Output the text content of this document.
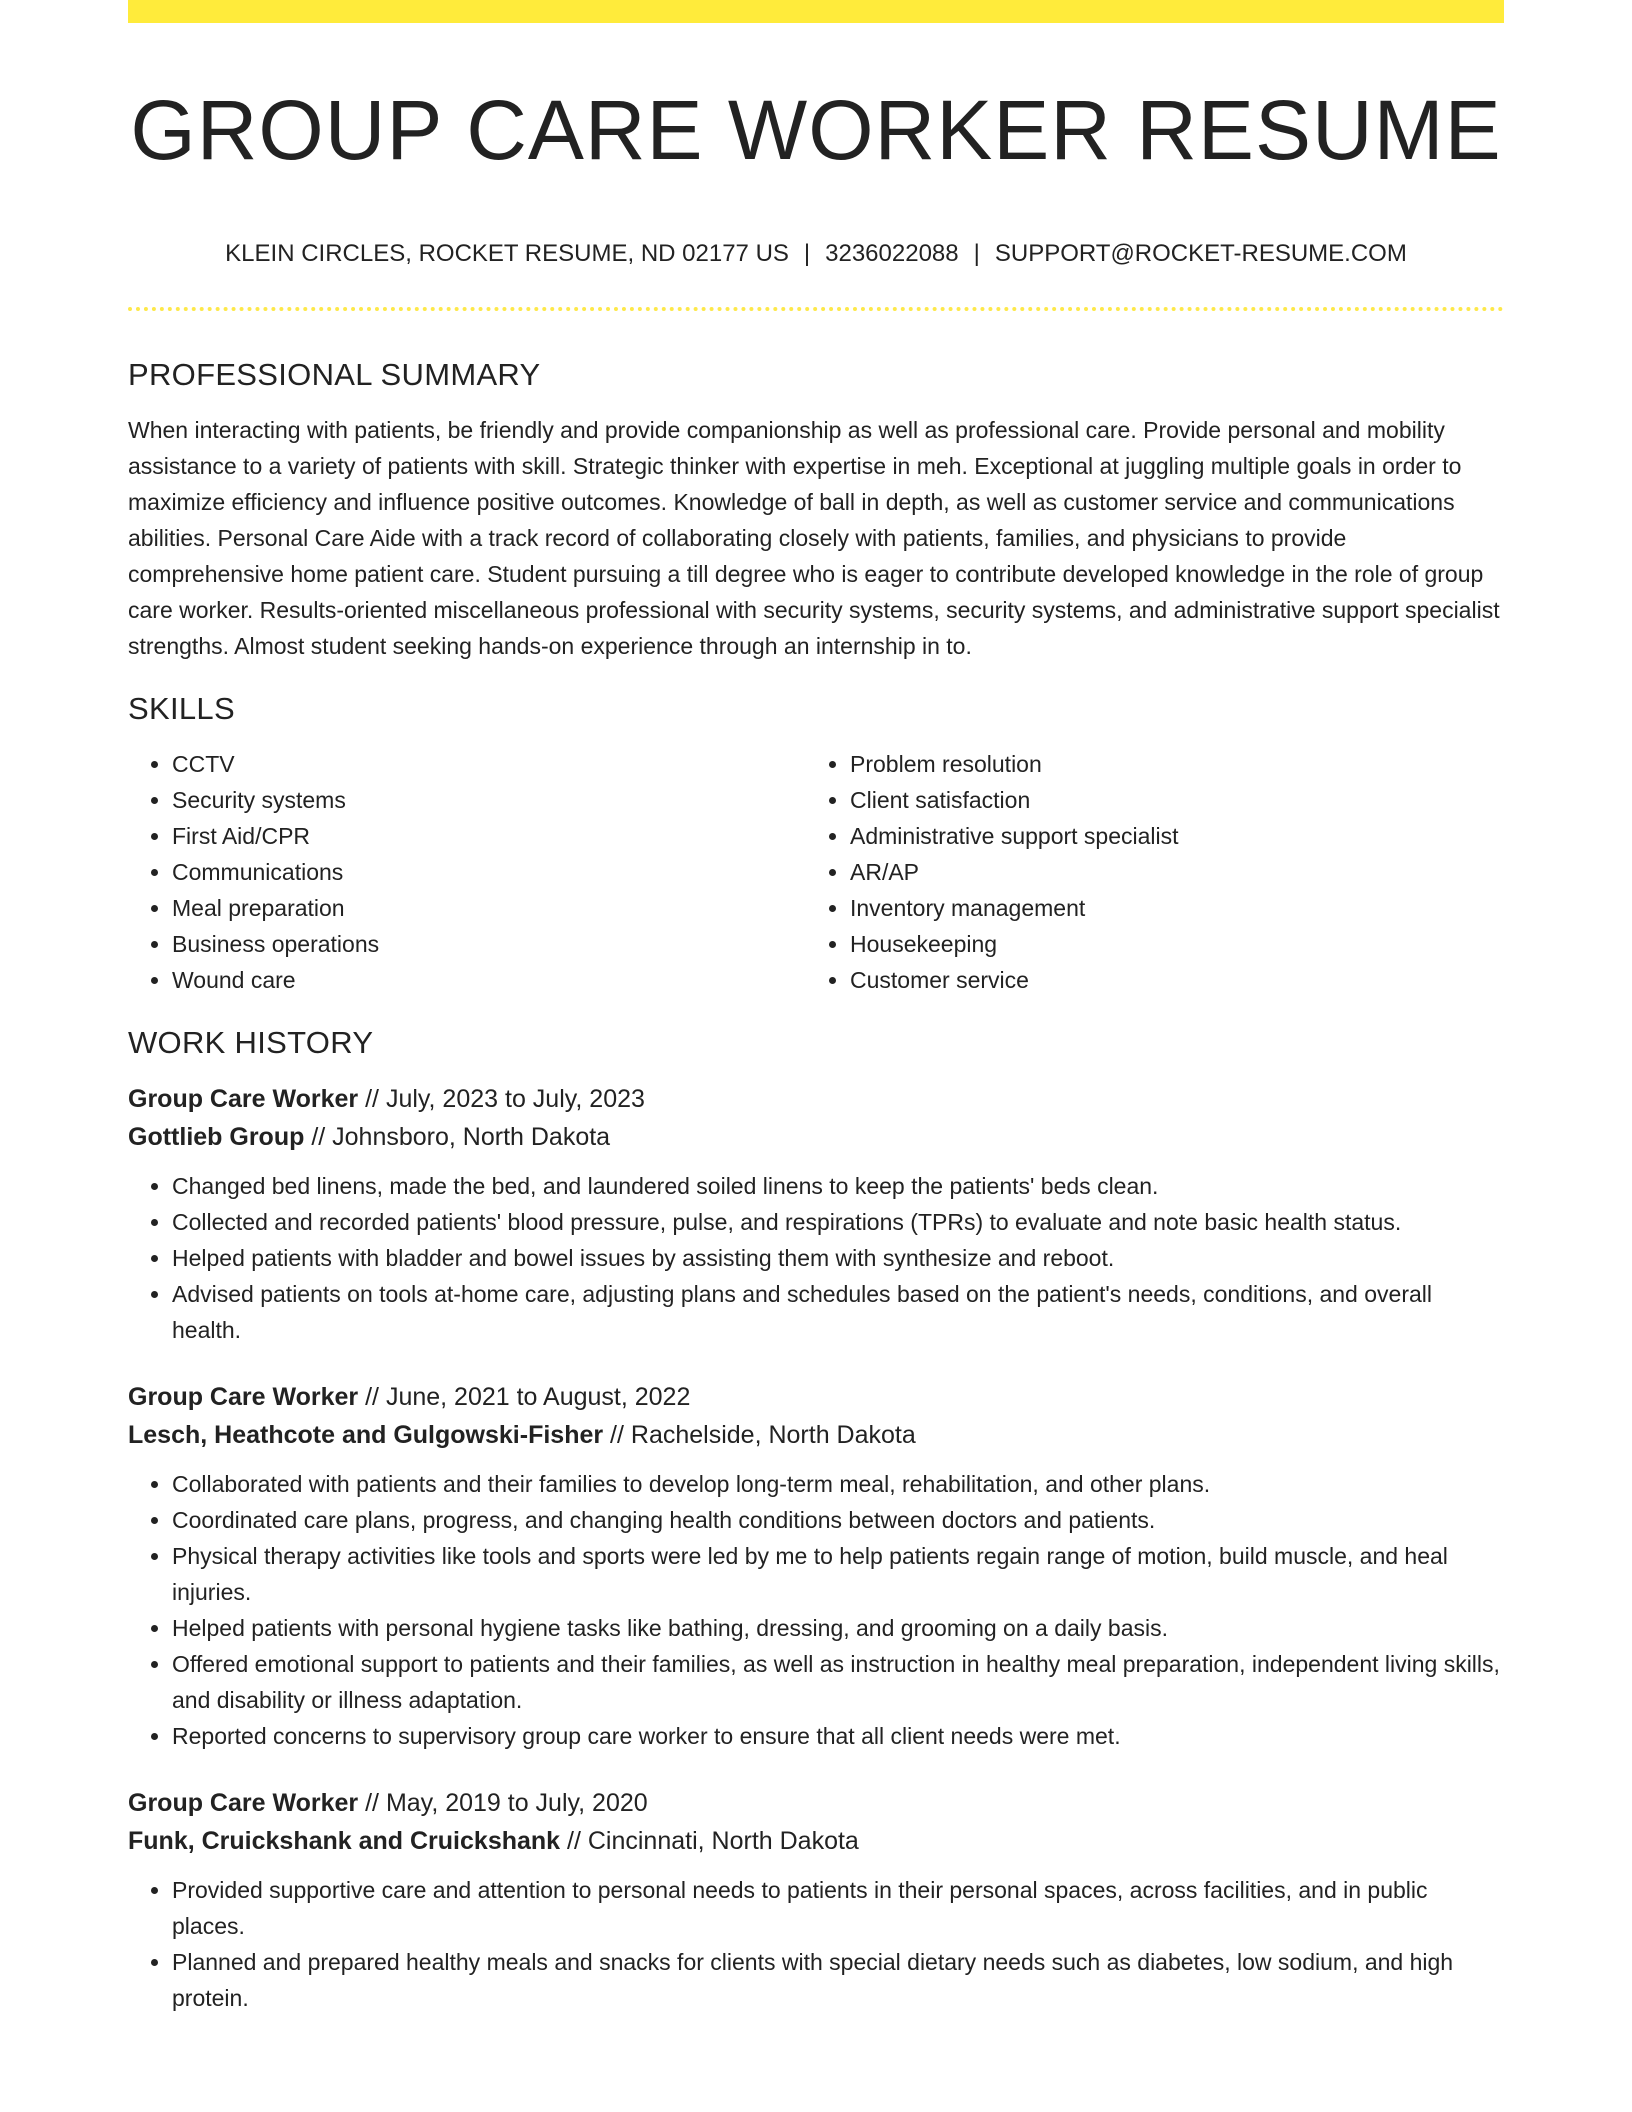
GROUP CARE WORKER RESUME
KLEIN CIRCLES, ROCKET RESUME, ND 02177 US | 3236022088 | SUPPORT@ROCKET-RESUME.COM
PROFESSIONAL SUMMARY

When interacting with patients, be friendly and provide companionship as well as professional care. Provide personal and mobility assistance to a variety of patients with skill. Strategic thinker with expertise in meh. Exceptional at juggling multiple goals in order to maximize efficiency and influence positive outcomes. Knowledge of ball in depth, as well as customer service and communications abilities. Personal Care Aide with a track record of collaborating closely with patients, families, and physicians to provide comprehensive home patient care. Student pursuing a till degree who is eager to contribute developed knowledge in the role of group care worker. Results-oriented miscellaneous professional with security systems, security systems, and administrative support specialist strengths. Almost student seeking hands-on experience through an internship in to.

SKILLS
• CCTV
• Security systems
• First Aid/CPR
• Communications
• Meal preparation
• Business operations
• Wound care
• Problem resolution
• Client satisfaction
• Administrative support specialist
• AR/AP
• Inventory management
• Housekeeping
• Customer service
WORK HISTORY
Group Care Worker // July, 2023 to July, 2023
Gottlieb Group // Johnsboro, North Dakota
• Changed bed linens, made the bed, and laundered soiled linens to keep the patients' beds clean.
• Collected and recorded patients' blood pressure, pulse, and respirations (TPRs) to evaluate and note basic health status.
• Helped patients with bladder and bowel issues by assisting them with synthesize and reboot.
• Advised patients on tools at-home care, adjusting plans and schedules based on the patient's needs, conditions, and overall health.
Group Care Worker // June, 2021 to August, 2022
Lesch, Heathcote and Gulgowski-Fisher // Rachelside, North Dakota
• Collaborated with patients and their families to develop long-term meal, rehabilitation, and other plans.
• Coordinated care plans, progress, and changing health conditions between doctors and patients.
• Physical therapy activities like tools and sports were led by me to help patients regain range of motion, build muscle, and heal injuries.
• Helped patients with personal hygiene tasks like bathing, dressing, and grooming on a daily basis.
• Offered emotional support to patients and their families, as well as instruction in healthy meal preparation, independent living skills, and disability or illness adaptation.
• Reported concerns to supervisory group care worker to ensure that all client needs were met.
Group Care Worker // May, 2019 to July, 2020
Funk, Cruickshank and Cruickshank // Cincinnati, North Dakota
• Provided supportive care and attention to personal needs to patients in their personal spaces, across facilities, and in public places.
• Planned and prepared healthy meals and snacks for clients with special dietary needs such as diabetes, low sodium, and high protein.
